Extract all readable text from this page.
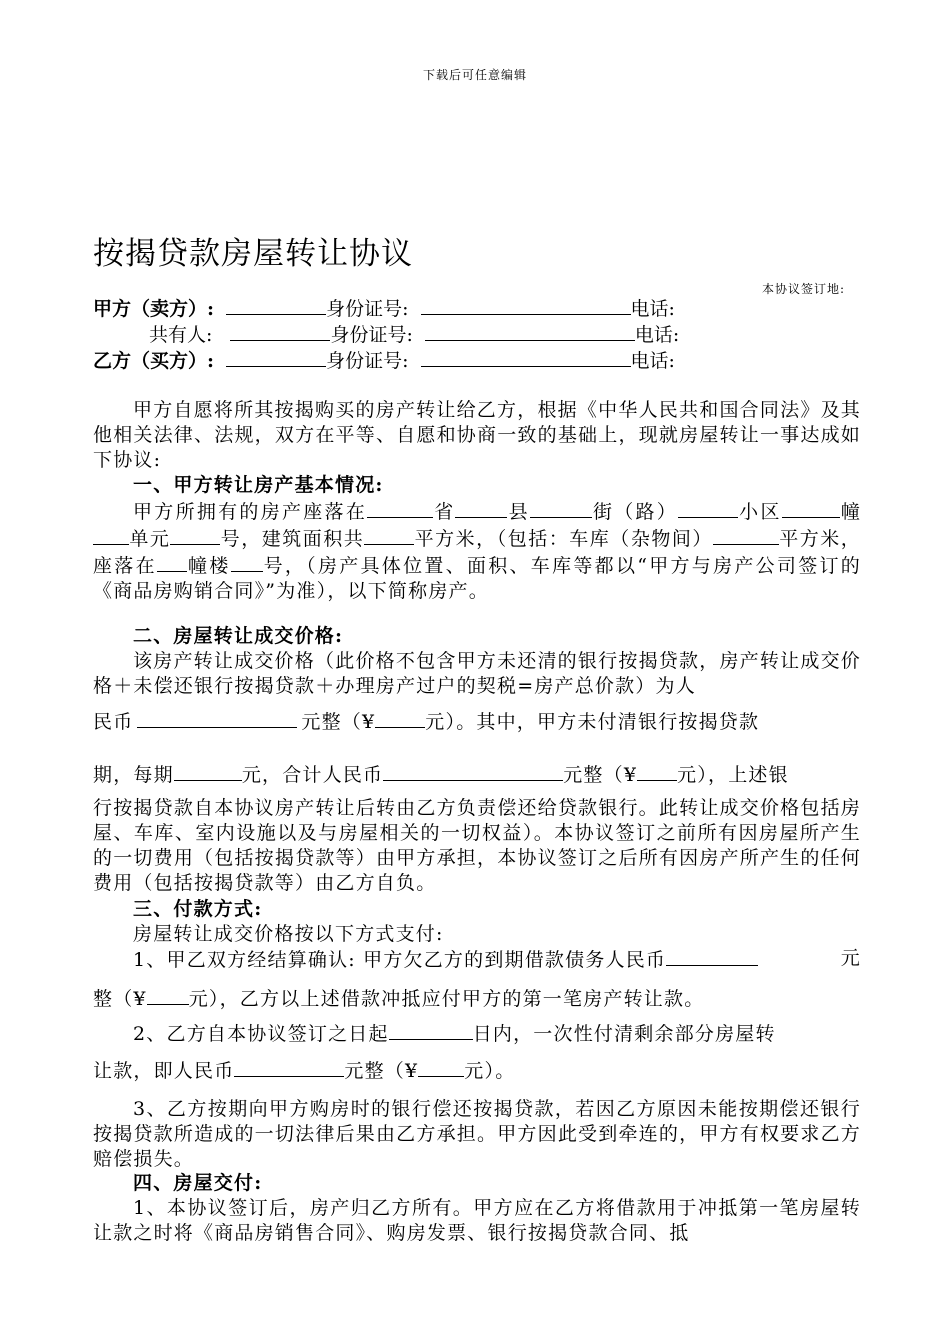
下载后可任意编辑
按揭贷款房屋转让协议
本协议签订地:
甲方（卖方）:	身份证号:	电话:
共有人:	身份证号:	电话:
乙方（买方）:	身份证号:	电话:
甲方自愿将所其按揭购买的房产转让给乙方，根据《中华人民共和国合同法》及其他相关法律、法规，双方在平等、自愿和协商一致的基础上，现就房屋转让一事达成如下协议:
一、甲方转让房产基本情况:
甲方所拥有的房产座落在	省	县	街（路）	小区	幢单元	号，建筑面积共	平方米，（包括：车库（杂物间）	平方米，座落在 幢楼 号，（房产具体位置、面积、车库等都以“甲方与房产公司签订的《商品房购销合同》”为准），以下简称房产。
二、房屋转让成交价格:
该房产转让成交价格（此价格不包含甲方未还清的银行按揭贷款，房产转让成交价格＋未偿还银行按揭贷款＋办理房产过户的契税=房产总价款）为人
民币	元整（¥	元）。其中，甲方未付清银行按揭贷款
期，每期	元，合计人民币	元整（¥ 元），上述银
行按揭贷款自本协议房产转让后转由乙方负责偿还给贷款银行。此转让成交价格包括房屋、车库、室内设施以及与房屋相关的一切权益）。本协议签订之前所有因房屋所产生的一切费用（包括按揭贷款等）由甲方承担，本协议签订之后所有因房产所产生的任何费用（包括按揭贷款等）由乙方自负。
三、付款方式:
房屋转让成交价格按以下方式支付:
1、甲乙双方经结算确认: 甲方欠乙方的到期借款债务人民币	元
整（¥ 元），乙方以上述借款冲抵应付甲方的第一笔房产转让款。
2、乙方自本协议签订之日起	日内，一次性付清剩余部分房屋转
让款，即人民币	元整（¥ 元）。
3、乙方按期向甲方购房时的银行偿还按揭贷款，若因乙方原因未能按期偿还银行按揭贷款所造成的一切法律后果由乙方承担。甲方因此受到牵连的，甲方有权要求乙方赔偿损失。
四、房屋交付:
1、本协议签订后，房产归乙方所有。甲方应在乙方将借款用于冲抵第一笔房屋转让款之时将《商品房销售合同》、购房发票、银行按揭贷款合同、抵
